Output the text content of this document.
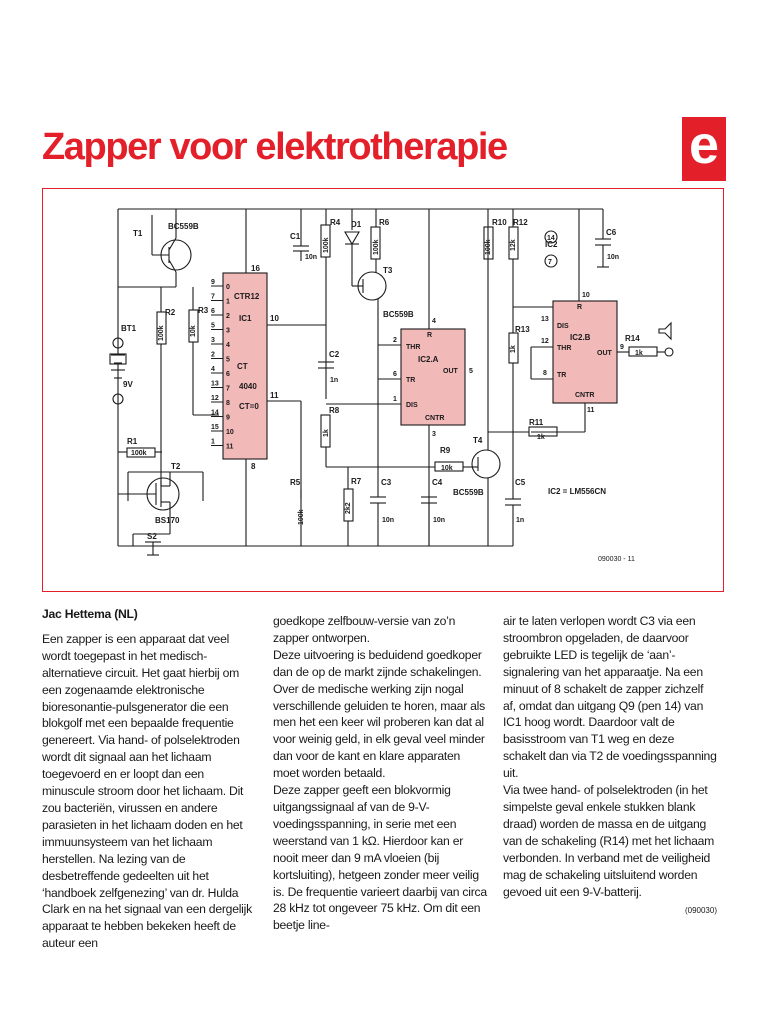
Zapper voor elektrotherapie	e
T1
BC559B
BT1
9V
R2	R3
R1
100k
T2
BS170
S2
CTR12
IC1
CT
4040
CT=0
16
10
11
8
C1
10n
R4
C2
1n
R8
R5
D1 R6
T3
BC559B
IC2.A
C3
10n
C4
10n
R7
R9
10k
T4
BC559B
R10 R12
R13
IC2.B
R11
1k
R14
1k
C5
1n
C6
10n
IC2
14
7
IC2 = LM556CN
090030 - 11
THR
TR
DIS
OUT
CNTR
R
DIS
THR
TR
OUT
CNTR
R
4
2
6
1
5
3
10
13
12
8
9
11
100k	10k
100k	100k
1k
100k
2k2
100k	12k
1k
9
0
7
1
6
2
5
3
3
4
2
5
4
6
13
7
12
8
14
9
15
10
1
11

Jac Hettema (NL)

Een zapper is een apparaat dat veel wordt toegepast in het medisch-alternatieve circuit. Het gaat hierbij om een zogenaamde elektronische bioresonantie-pulsgenerator die een blokgolf met een bepaalde frequentie genereert. Via hand- of polselektroden wordt dit signaal aan het lichaam toegevoerd en er loopt dan een minuscule stroom door het lichaam. Dit zou bacteriën, virussen en andere parasieten in het lichaam doden en het immuunsysteem van het lichaam herstellen. Na lezing van de desbetreffende gedeelten uit het ‘handboek zelfgenezing’ van dr. Hulda Clark en na het signaal van een dergelijk apparaat te hebben bekeken heeft de auteur een

goedkope zelfbouw-versie van zo’n zapper ontworpen.

Deze uitvoering is beduidend goedkoper dan de op de markt zijnde schakelingen. Over de medische werking zijn nogal verschillende geluiden te horen, maar als men het een keer wil proberen kan dat al voor weinig geld, in elk geval veel minder dan voor de kant en klare apparaten moet worden betaald.

Deze zapper geeft een blokvormig uitgangssignaal af van de 9-V-voedingsspanning, in serie met een weerstand van 1 kΩ. Hierdoor kan er nooit meer dan 9 mA vloeien (bij kortsluiting), hetgeen zonder meer veilig is. De frequentie varieert daarbij van circa 28 kHz tot ongeveer 75 kHz. Om dit een beetje line-

air te laten verlopen wordt C3 via een stroombron opgeladen, de daarvoor gebruikte LED is tegelijk de ‘aan’-signalering van het apparaatje. Na een minuut of 8 schakelt de zapper zichzelf af, omdat dan uitgang Q9 (pen 14) van IC1 hoog wordt. Daardoor valt de basisstroom van T1 weg en deze schakelt dan via T2 de voedingsspanning uit.

Via twee hand- of polselektroden (in het simpelste geval enkele stukken blank draad) worden de massa en de uitgang van de schakeling (R14) met het lichaam verbonden. In verband met de veiligheid mag de schakeling uitsluitend worden gevoed uit een 9-V-batterij.

(090030)
